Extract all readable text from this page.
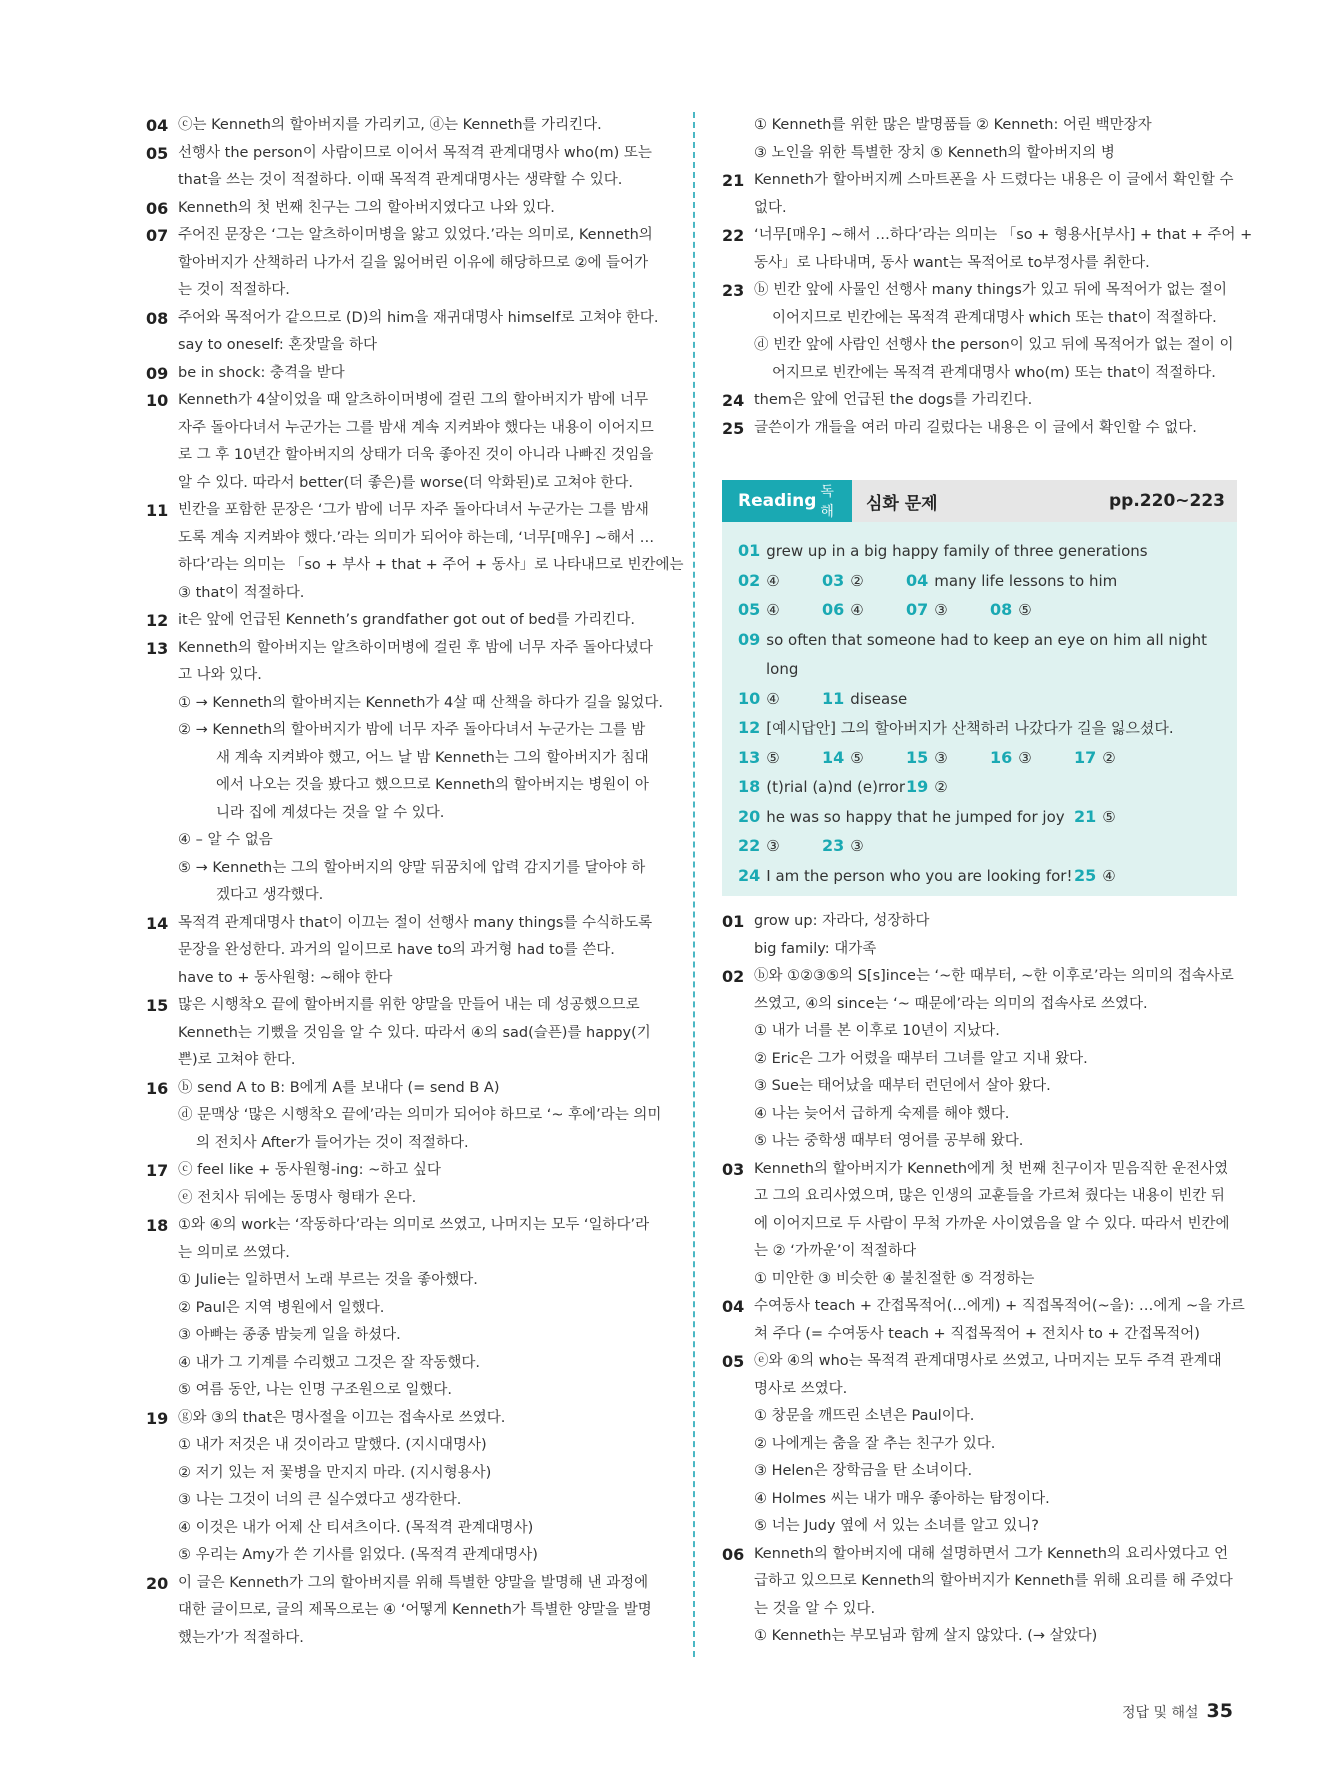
04 ⓒ는 Kenneth의 할아버지를 가리키고, ⓓ는 Kenneth를 가리킨다.
05 선행사 the person이 사람이므로 이어서 목적격 관계대명사 who(m) 또는
that을 쓰는 것이 적절하다. 이때 목적격 관계대명사는 생략할 수 있다.
06 Kenneth의 첫 번째 친구는 그의 할아버지였다고 나와 있다.
07 주어진 문장은 ‘그는 알츠하이머병을 앓고 있었다.’라는 의미로, Kenneth의
할아버지가 산책하러 나가서 길을 잃어버린 이유에 해당하므로 ②에 들어가
는 것이 적절하다.
08 주어와 목적어가 같으므로 (D)의 him을 재귀대명사 himself로 고쳐야 한다.
say to oneself: 혼잣말을 하다
09 be in shock: 충격을 받다
10 Kenneth가 4살이었을 때 알츠하이머병에 걸린 그의 할아버지가 밤에 너무
자주 돌아다녀서 누군가는 그를 밤새 계속 지켜봐야 했다는 내용이 이어지므
로 그 후 10년간 할아버지의 상태가 더욱 좋아진 것이 아니라 나빠진 것임을
알 수 있다. 따라서 better(더 좋은)를 worse(더 악화된)로 고쳐야 한다.
11 빈칸을 포함한 문장은 ‘그가 밤에 너무 자주 돌아다녀서 누군가는 그를 밤새
도록 계속 지켜봐야 했다.’라는 의미가 되어야 하는데, ‘너무[매우] ~해서 …
하다’라는 의미는 「so + 부사 + that + 주어 + 동사」로 나타내므로 빈칸에는
③ that이 적절하다.
12 it은 앞에 언급된 Kenneth’s grandfather got out of bed를 가리킨다.
13 Kenneth의 할아버지는 알츠하이머병에 걸린 후 밤에 너무 자주 돌아다녔다
고 나와 있다.
① → Kenneth의 할아버지는 Kenneth가 4살 때 산책을 하다가 길을 잃었다.
② → Kenneth의 할아버지가 밤에 너무 자주 돌아다녀서 누군가는 그를 밤
새 계속 지켜봐야 했고, 어느 날 밤 Kenneth는 그의 할아버지가 침대
에서 나오는 것을 봤다고 했으므로 Kenneth의 할아버지는 병원이 아
니라 집에 계셨다는 것을 알 수 있다.
④ – 알 수 없음
⑤ → Kenneth는 그의 할아버지의 양말 뒤꿈치에 압력 감지기를 달아야 하
겠다고 생각했다.
14 목적격 관계대명사 that이 이끄는 절이 선행사 many things를 수식하도록
문장을 완성한다. 과거의 일이므로 have to의 과거형 had to를 쓴다.
have to + 동사원형: ~해야 한다
15 많은 시행착오 끝에 할아버지를 위한 양말을 만들어 내는 데 성공했으므로
Kenneth는 기뻤을 것임을 알 수 있다. 따라서 ④의 sad(슬픈)를 happy(기
쁜)로 고쳐야 한다.
16 ⓑ send A to B: B에게 A를 보내다 (= send B A)
ⓓ 문맥상 ‘많은 시행착오 끝에’라는 의미가 되어야 하므로 ‘~ 후에’라는 의미
의 전치사 After가 들어가는 것이 적절하다.
17 ⓒ feel like + 동사원형-ing: ~하고 싶다
ⓔ 전치사 뒤에는 동명사 형태가 온다.
18 ①와 ④의 work는 ‘작동하다’라는 의미로 쓰였고, 나머지는 모두 ‘일하다’라
는 의미로 쓰였다.
① Julie는 일하면서 노래 부르는 것을 좋아했다.
② Paul은 지역 병원에서 일했다.
③ 아빠는 종종 밤늦게 일을 하셨다.
④ 내가 그 기계를 수리했고 그것은 잘 작동했다.
⑤ 여름 동안, 나는 인명 구조원으로 일했다.
19 ⓖ와 ③의 that은 명사절을 이끄는 접속사로 쓰였다.
① 내가 저것은 내 것이라고 말했다. (지시대명사)
② 저기 있는 저 꽃병을 만지지 마라. (지시형용사)
③ 나는 그것이 너의 큰 실수였다고 생각한다.
④ 이것은 내가 어제 산 티셔츠이다. (목적격 관계대명사)
⑤ 우리는 Amy가 쓴 기사를 읽었다. (목적격 관계대명사)
20 이 글은 Kenneth가 그의 할아버지를 위해 특별한 양말을 발명해 낸 과정에
대한 글이므로, 글의 제목으로는 ④ ‘어떻게 Kenneth가 특별한 양말을 발명
했는가’가 적절하다.
① Kenneth를 위한 많은 발명품들 ② Kenneth: 어린 백만장자
③ 노인을 위한 특별한 장치 ⑤ Kenneth의 할아버지의 병
21 Kenneth가 할아버지께 스마트폰을 사 드렸다는 내용은 이 글에서 확인할 수
없다.
22 ‘너무[매우] ~해서 …하다’라는 의미는 「so + 형용사[부사] + that + 주어 +
동사」로 나타내며, 동사 want는 목적어로 to부정사를 취한다.
23 ⓑ 빈칸 앞에 사물인 선행사 many things가 있고 뒤에 목적어가 없는 절이
이어지므로 빈칸에는 목적격 관계대명사 which 또는 that이 적절하다.
ⓓ 빈칸 앞에 사람인 선행사 the person이 있고 뒤에 목적어가 없는 절이 이
어지므로 빈칸에는 목적격 관계대명사 who(m) 또는 that이 적절하다.
24 them은 앞에 언급된 the dogs를 가리킨다.
25 글쓴이가 개들을 여러 마리 길렀다는 내용은 이 글에서 확인할 수 없다.
Reading 독해	심화 문제	pp.220~223
01 grew up in a big happy family of three generations
02 ④	03 ②	04 many life lessons to him
05 ④	06 ④	07 ③	08 ⑤
09 so often that someone had to keep an eye on him all night
long
10 ④	11 disease
12 [예시답안] 그의 할아버지가 산책하러 나갔다가 길을 잃으셨다.
13 ⑤	14 ⑤	15 ③	16 ③	17 ②
18 (t)rial (a)nd (e)rror 19 ②
20 he was so happy that he jumped for joy 21 ⑤
22 ③	23 ③
24 I am the person who you are looking for! 25 ④
01 grow up: 자라다, 성장하다
big family: 대가족
02 ⓑ와 ①②③⑤의 S[s]ince는 ‘~한 때부터, ~한 이후로’라는 의미의 접속사로
쓰였고, ④의 since는 ‘~ 때문에’라는 의미의 접속사로 쓰였다.
① 내가 너를 본 이후로 10년이 지났다.
② Eric은 그가 어렸을 때부터 그녀를 알고 지내 왔다.
③ Sue는 태어났을 때부터 런던에서 살아 왔다.
④ 나는 늦어서 급하게 숙제를 해야 했다.
⑤ 나는 중학생 때부터 영어를 공부해 왔다.
03 Kenneth의 할아버지가 Kenneth에게 첫 번째 친구이자 믿음직한 운전사였
고 그의 요리사였으며, 많은 인생의 교훈들을 가르쳐 줬다는 내용이 빈칸 뒤
에 이어지므로 두 사람이 무척 가까운 사이였음을 알 수 있다. 따라서 빈칸에
는 ② ‘가까운’이 적절하다
① 미안한 ③ 비슷한 ④ 불친절한 ⑤ 걱정하는
04 수여동사 teach + 간접목적어(…에게) + 직접목적어(~을): …에게 ~을 가르
쳐 주다 (= 수여동사 teach + 직접목적어 + 전치사 to + 간접목적어)
05 ⓔ와 ④의 who는 목적격 관계대명사로 쓰였고, 나머지는 모두 주격 관계대
명사로 쓰였다.
① 창문을 깨뜨린 소년은 Paul이다.
② 나에게는 춤을 잘 추는 친구가 있다.
③ Helen은 장학금을 탄 소녀이다.
④ Holmes 씨는 내가 매우 좋아하는 탐정이다.
⑤ 너는 Judy 옆에 서 있는 소녀를 알고 있니?
06 Kenneth의 할아버지에 대해 설명하면서 그가 Kenneth의 요리사였다고 언
급하고 있으므로 Kenneth의 할아버지가 Kenneth를 위해 요리를 해 주었다
는 것을 알 수 있다.
① Kenneth는 부모님과 함께 살지 않았다. (→ 살았다)
정답 및 해설 35
